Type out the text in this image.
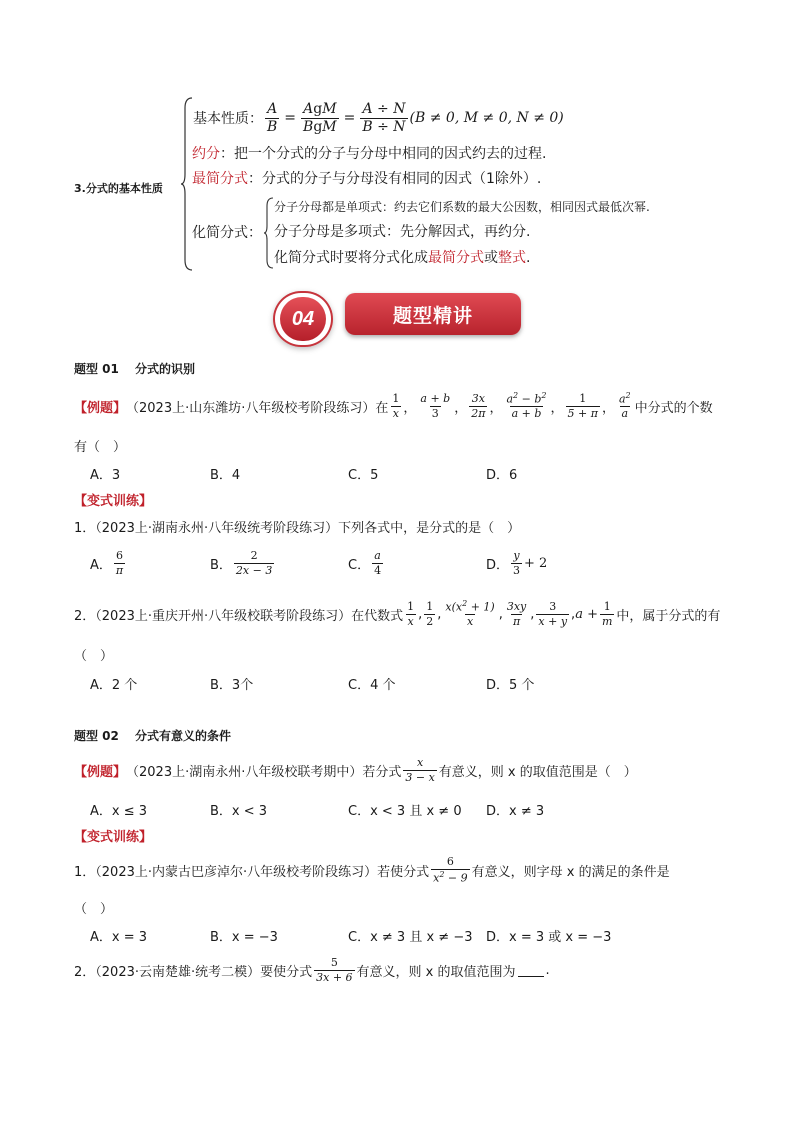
3.分式的基本性质
基本性质： $\frac{A}{B} = \frac{\text{AgM}}{\text{BgM}} = \frac{A \div N}{B \div N} (B \ne 0$, M ≠ 0, N ≠ 0)
约分：把一个分式的分子与分母中相同的因式约去的过程.
最简分式：分式的分子与分母没有相同的因式（1除外）.
化简分式：
分子分母都是单项式：约去它们系数的最大公因数，相同因式最低次幂.
分子分母是多项式：先分解因式，再约分.
化简分式时要将分式化成最简分式或整式.
04	题型精讲
题型 01　 分式的识别
【例题】 （2023上·山东潍坊·八年级校考阶段练习）在 $\frac{1}{x}$ ， $\frac{a + b}{3}$ ， $\frac{3x}{2\pi}$ ， $\frac{a^2 - b^2}{a + b}$ ， $\frac{1}{5 + \pi}$ ， $\frac{a^2}{a}$ 中分式的个数
有（　）
A．3	B．4	C．5	D．6
【变式训练】
1．（2023上·湖南永州·八年级统考阶段练习）下列各式中，是分式的是（　）
A． $\frac{6}{\pi}$	B． $\frac{2}{2x - 3}$	C． $\frac{a}{4}$	D． $\frac{y}{3} + 2$
2．（2023上·重庆开州·八年级校联考阶段练习）在代数式 $\frac{1}{x}$ , $\frac{1}{2}$ , $\frac{x(x^2 + 1)}{x}$ , $\frac{3xy}{\pi}$ , $\frac{3}{x + y}$ , $a + \frac{1}{m}$ 中，属于分式的有
（　）
A．2 个	B．3个	C．4 个	D．5 个
题型 02　 分式有意义的条件
【例题】 （2023上·湖南永州·八年级校联考期中）若分式 $\frac{x}{3 - x}$ 有意义，则 x 的取值范围是（　）
A．x ≤ 3	B．x < 3	C．x < 3 且 x ≠ 0 D．x ≠ 3
【变式训练】
1．（2023上·内蒙古巴彦淖尔·八年级校考阶段练习）若使分式 $\frac{6}{x^2 - 9}$ 有意义，则字母 x 的满足的条件是
（　）
A．x = 3	B．x = −3	C．x ≠ 3 且 x ≠ −3 D．x = 3 或 x = −3
2．（2023·云南楚雄·统考二模）要使分式 $\frac{5}{3x + 6}$ 有意义，则 x 的取值范围为 .
